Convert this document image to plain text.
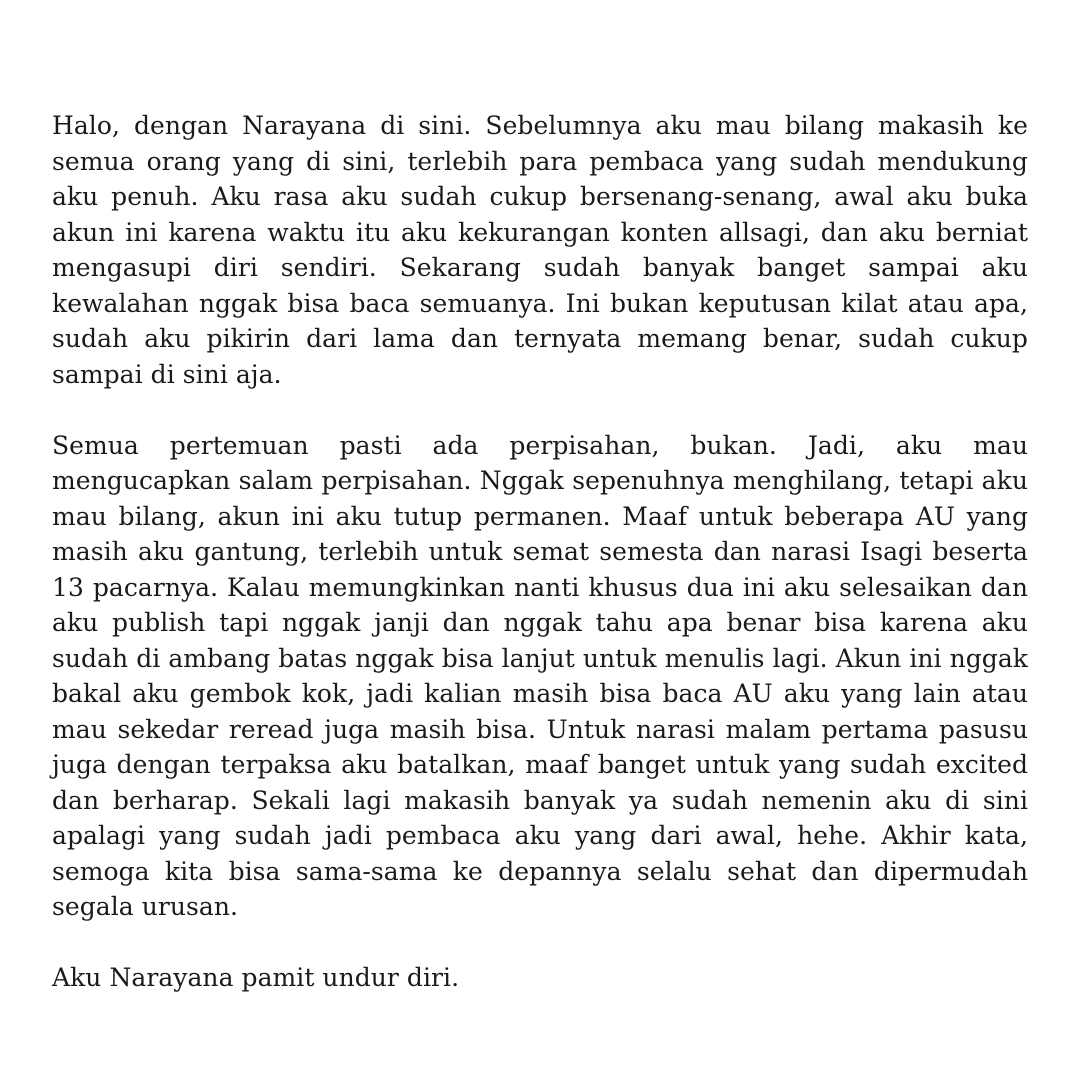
Halo, dengan Narayana di sini. Sebelumnya aku mau bilang makasih ke semua orang yang di sini, terlebih para pembaca yang sudah mendukung aku penuh. Aku rasa aku sudah cukup bersenang-senang, awal aku buka akun ini karena waktu itu aku kekurangan konten allsagi, dan aku berniat mengasupi diri sendiri. Sekarang sudah banyak banget sampai aku kewalahan nggak bisa baca semuanya. Ini bukan keputusan kilat atau apa, sudah aku pikirin dari lama dan ternyata memang benar, sudah cukup sampai di sini aja.

Semua pertemuan pasti ada perpisahan, bukan. Jadi, aku mau mengucapkan salam perpisahan. Nggak sepenuhnya menghilang, tetapi aku mau bilang, akun ini aku tutup permanen. Maaf untuk beberapa AU yang masih aku gantung, terlebih untuk semat semesta dan narasi Isagi beserta 13 pacarnya. Kalau memungkinkan nanti khusus dua ini aku selesaikan dan aku publish tapi nggak janji dan nggak tahu apa benar bisa karena aku sudah di ambang batas nggak bisa lanjut untuk menulis lagi. Akun ini nggak bakal aku gembok kok, jadi kalian masih bisa baca AU aku yang lain atau mau sekedar reread juga masih bisa. Untuk narasi malam pertama pasusu juga dengan terpaksa aku batalkan, maaf banget untuk yang sudah excited dan berharap. Sekali lagi makasih banyak ya sudah nemenin aku di sini apalagi yang sudah jadi pembaca aku yang dari awal, hehe. Akhir kata, semoga kita bisa sama-sama ke depannya selalu sehat dan dipermudah segala urusan.

Aku Narayana pamit undur diri.
